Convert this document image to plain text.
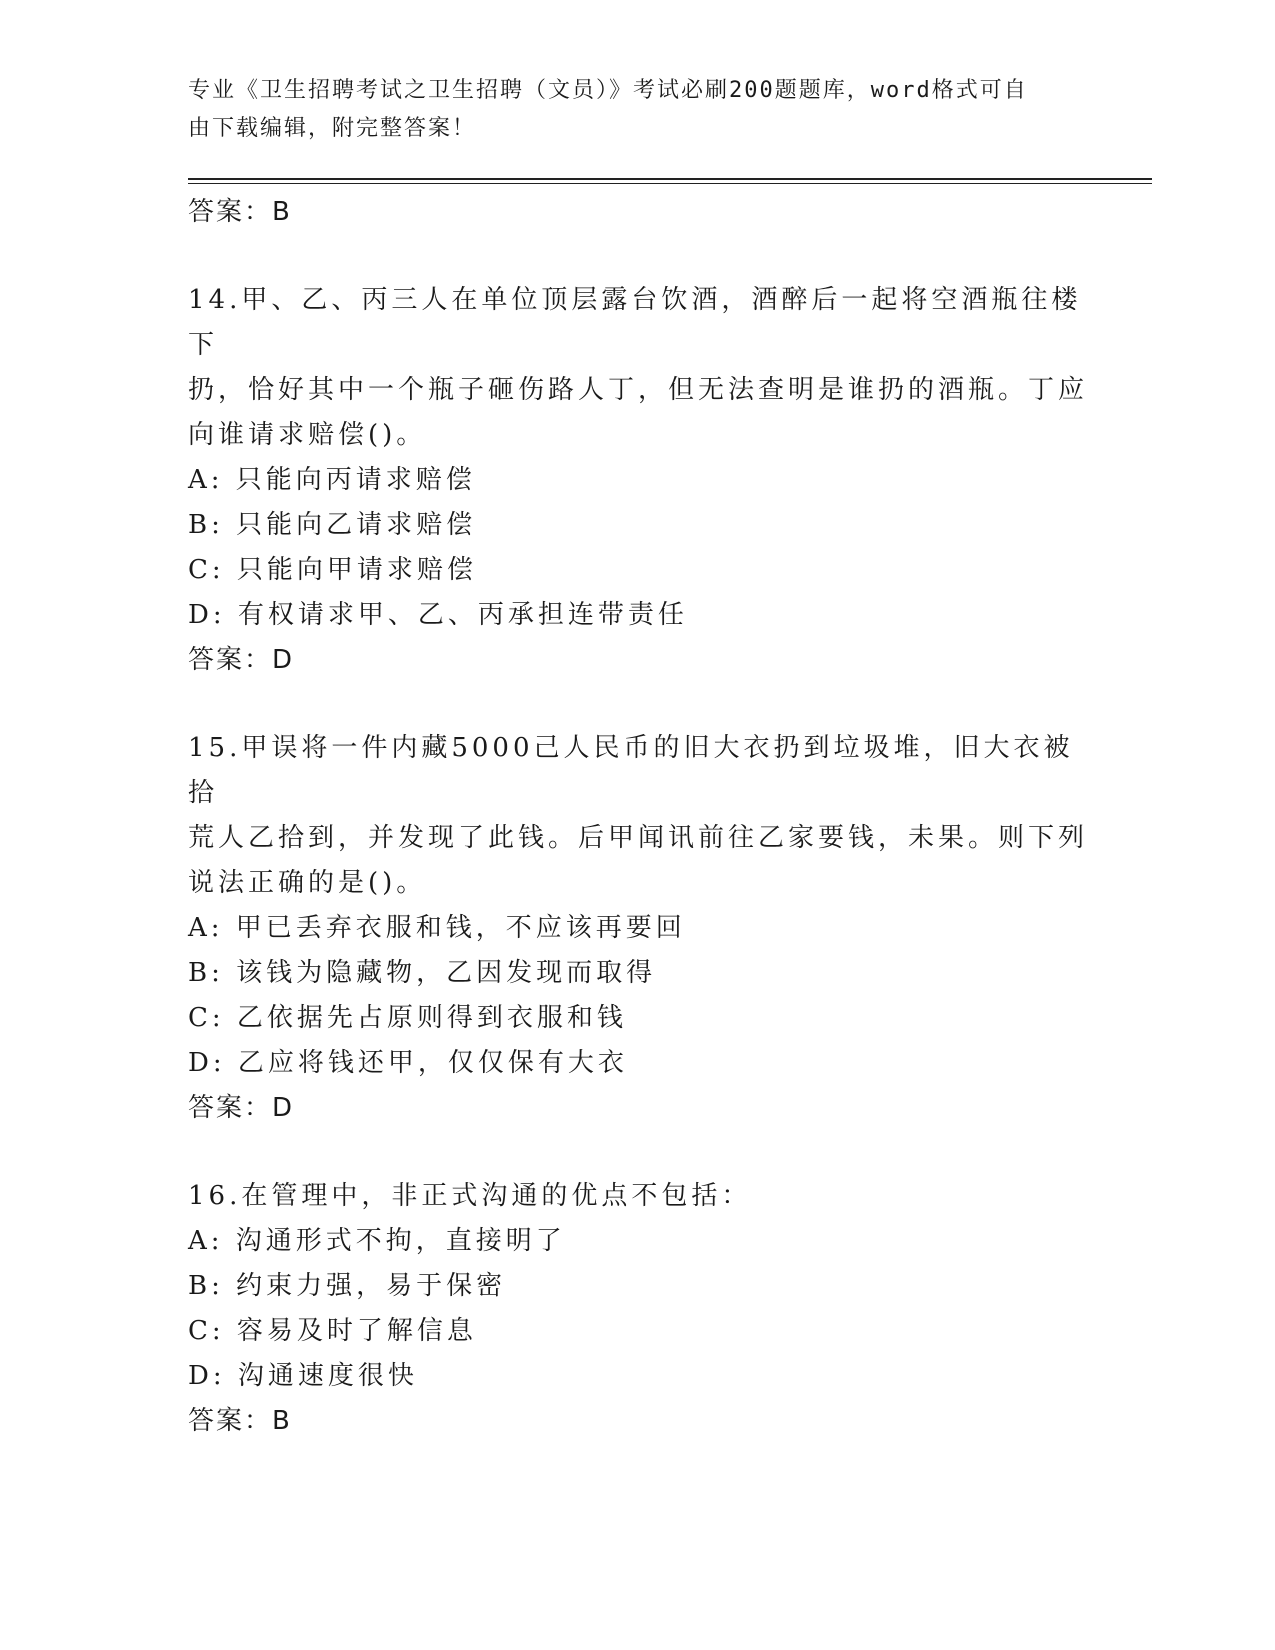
专业《卫生招聘考试之卫生招聘（文员）》考试必刷200题题库，word格式可自
由下载编辑，附完整答案！
答案：B
14.甲、乙、丙三人在单位顶层露台饮酒，酒醉后一起将空酒瓶往楼下
扔，恰好其中一个瓶子砸伤路人丁，但无法查明是谁扔的酒瓶。丁应
向谁请求赔偿()。
A: 只能向丙请求赔偿
B: 只能向乙请求赔偿
C: 只能向甲请求赔偿
D: 有权请求甲、乙、丙承担连带责任
答案：D
15.甲误将一件内藏5000己人民币的旧大衣扔到垃圾堆，旧大衣被拾
荒人乙拾到，并发现了此钱。后甲闻讯前往乙家要钱，未果。则下列
说法正确的是()。
A: 甲已丢弃衣服和钱，不应该再要回
B: 该钱为隐藏物，乙因发现而取得
C: 乙依据先占原则得到衣服和钱
D: 乙应将钱还甲，仅仅保有大衣
答案：D
16.在管理中，非正式沟通的优点不包括：
A: 沟通形式不拘，直接明了
B: 约束力强，易于保密
C: 容易及时了解信息
D: 沟通速度很快
答案：B
